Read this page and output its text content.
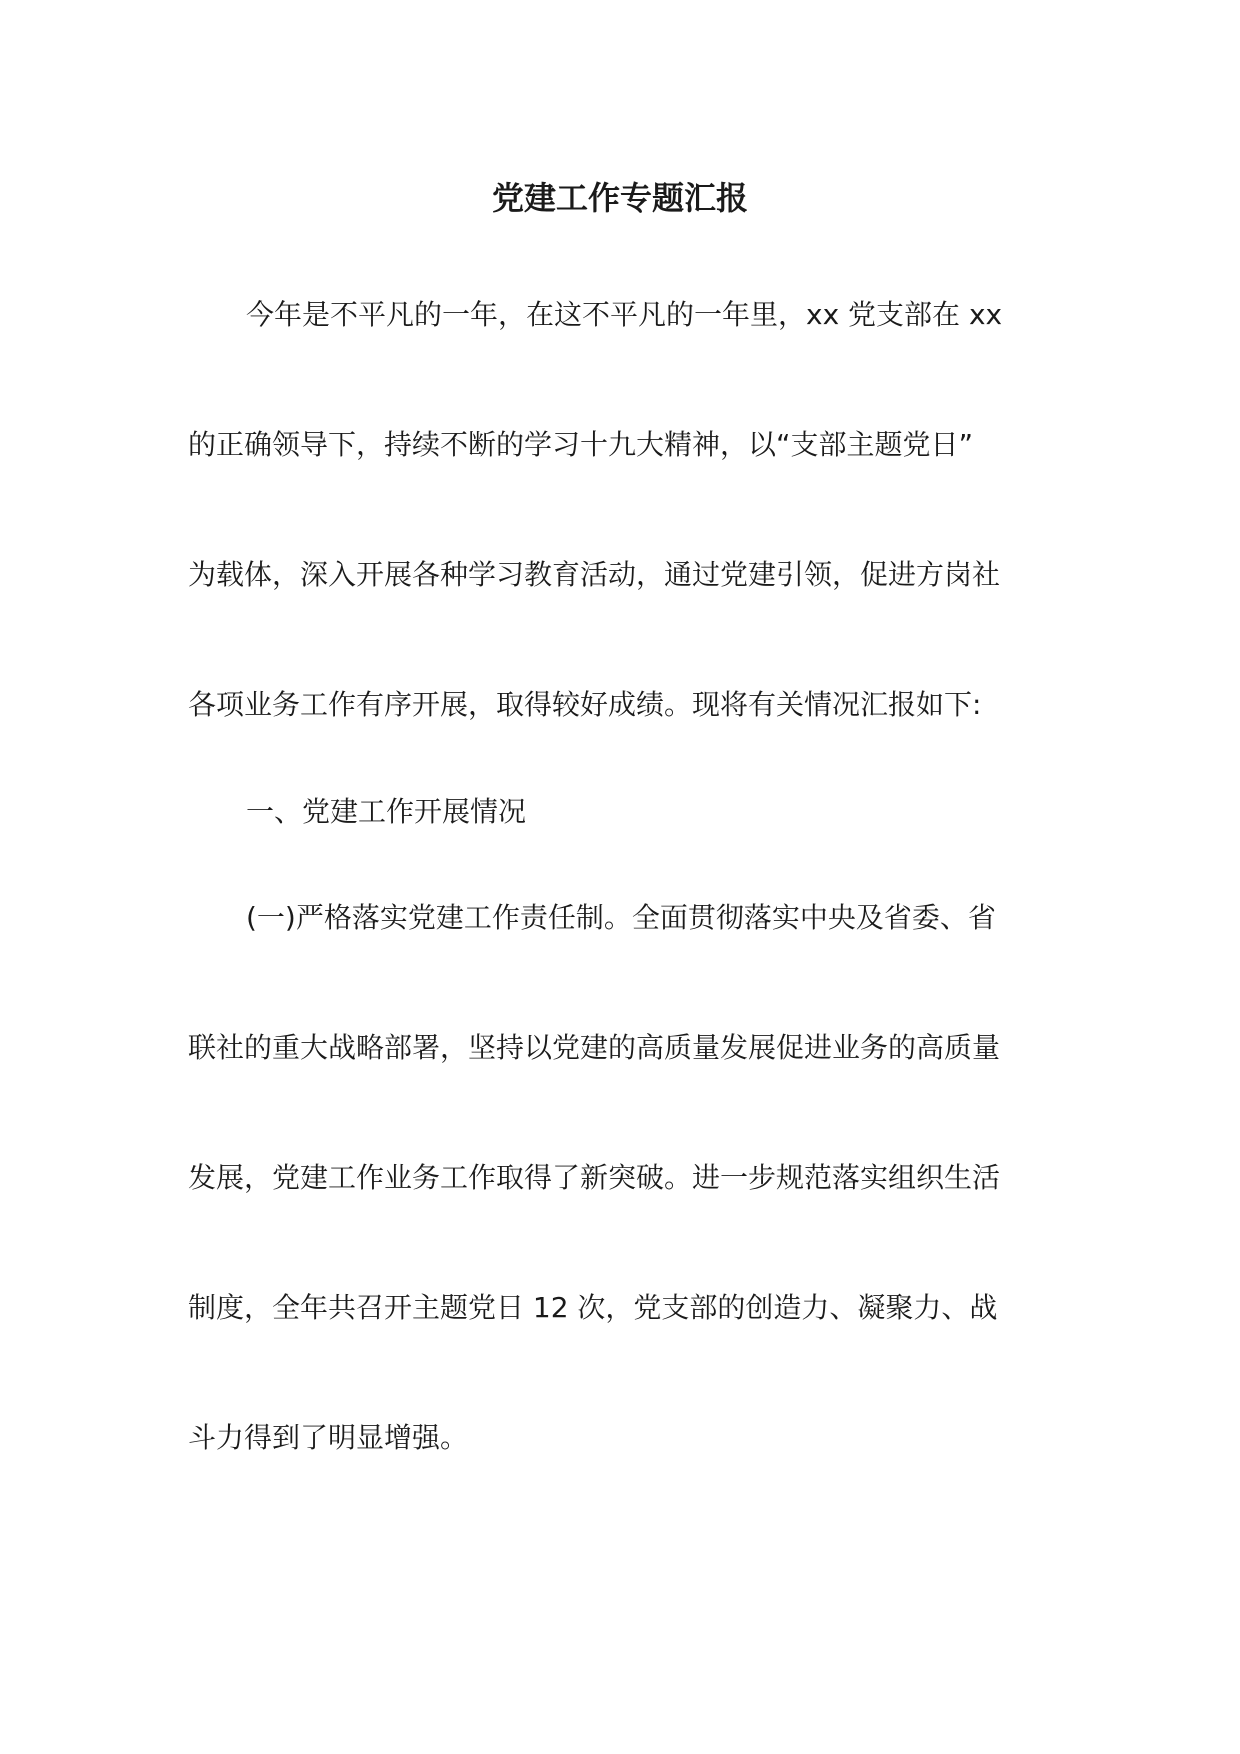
党建工作专题汇报
今年是不平凡的一年，在这不平凡的一年里，xx 党支部在 xx
的正确领导下，持续不断的学习十九大精神，以“支部主题党日”
为载体，深入开展各种学习教育活动，通过党建引领，促进方岗社
各项业务工作有序开展，取得较好成绩。现将有关情况汇报如下:
一、党建工作开展情况
(一)严格落实党建工作责任制。全面贯彻落实中央及省委、省
联社的重大战略部署，坚持以党建的高质量发展促进业务的高质量
发展，党建工作业务工作取得了新突破。进一步规范落实组织生活
制度，全年共召开主题党日 12 次，党支部的创造力、凝聚力、战
斗力得到了明显增强。
